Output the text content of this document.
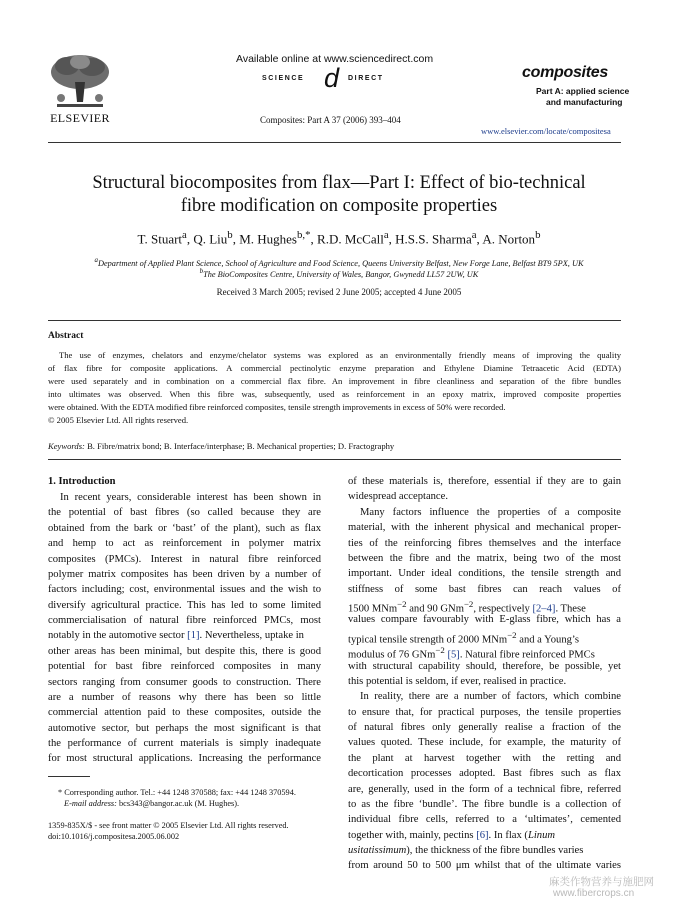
ELSEVIER
Available online at www.sciencedirect.com
SCIENCE d DIRECT
Composites: Part A 37 (2006) 393–404
composites
Part A: applied science
and manufacturing
www.elsevier.com/locate/compositesa
Structural biocomposites from flax—Part I: Effect of bio-technical
fibre modification on composite properties
T. Stuart$^a$, Q. Liu$^b$, M. Hughes$^{b,*}$, R.D. McCall$^a$, H.S.S. Sharma$^a$, A. Norton$^b$
$^a$Department of Applied Plant Science, School of Agriculture and Food Science, Queens University Belfast, New Forge Lane, Belfast BT9 5PX, UK
$^b$The BioComposites Centre, University of Wales, Bangor, Gwynedd LL57 2UW, UK
Received 3 March 2005; revised 2 June 2005; accepted 4 June 2005
Abstract
The use of enzymes, chelators and enzyme/chelator systems was explored as an environmentally friendly means of improving the quality
of flax fibre for composite applications. A commercial pectinolytic enzyme preparation and Ethylene Diamine Tetraacetic Acid (EDTA)
were used separately and in combination on a commercial flax fibre. An improvement in fibre cleanliness and separation of the fibre bundles
into ultimates was observed. When this fibre was, subsequently, used as reinforcement in an epoxy matrix, improved composite properties
were obtained. With the EDTA modified fibre reinforced composites, tensile strength improvements in excess of 50% were recorded.
© 2005 Elsevier Ltd. All rights reserved.
Keywords: B. Fibre/matrix bond; B. Interface/interphase; B. Mechanical properties; D. Fractography
1. Introduction
In recent years, considerable interest has been shown in
the potential of bast fibres (so called because they are
obtained from the bark or ‘bast’ of the plant), such as flax
and hemp to act as reinforcement in polymer matrix
composites (PMCs). Interest in natural fibre reinforced
polymer matrix composites has been driven by a number of
factors including; cost, environmental issues and the wish to
diversify agricultural practice. This has led to some limited
commercialisation of natural fibre reinforced PMCs, most
notably in the automotive sector [1]. Nevertheless, uptake in
other areas has been minimal, but despite this, there is good
potential for bast fibre reinforced composites in many
sectors ranging from consumer goods to construction. There
are a number of reasons why there has been so little
commercial attention paid to these composites, outside the
automotive sector, but perhaps the most significant is that
the performance of current materials is simply inadequate
for most structural applications. Increasing the performance
of these materials is, therefore, essential if they are to gain
widespread acceptance.
Many factors influence the properties of a composite
material, with the inherent physical and mechanical proper-
ties of the reinforcing fibres themselves and the interface
between the fibre and the matrix, being two of the most
important. Under ideal conditions, the tensile strength and
stiffness of some bast fibres can reach values of
1500 MNm$^{-2}$ and 90 GNm$^{-2}$, respectively [2–4]. These
values compare favourably with E-glass fibre, which has a
typical tensile strength of 2000 MNm$^{-2}$ and a Young’s
modulus of 76 GNm$^{-2}$ [5]. Natural fibre reinforced PMCs
with structural capability should, therefore, be possible, yet
this potential is seldom, if ever, realised in practice.
In reality, there are a number of factors, which combine
to ensure that, for practical purposes, the tensile properties
of natural fibres only generally realise a fraction of the
values quoted. These include, for example, the maturity of
the plant at harvest together with the retting and
decortication processes adopted. Bast fibres such as flax
are, generally, used in the form of a technical fibre, referred
to as the fibre ‘bundle’. The fibre bundle is a collection of
individual fibre cells, referred to a ‘ultimates’, cemented
together with, mainly, pectins [6]. In flax (Linum
usitatissimum), the thickness of the fibre bundles varies
from around 50 to 500 μm whilst that of the ultimate varies
* Corresponding author. Tel.: +44 1248 370588; fax: +44 1248 370594.
E-mail address: bcs343@bangor.ac.uk (M. Hughes).
1359-835X/$ - see front matter © 2005 Elsevier Ltd. All rights reserved.
doi:10.1016/j.compositesa.2005.06.002
麻类作物营养与施肥网
www.fibercrops.cn
